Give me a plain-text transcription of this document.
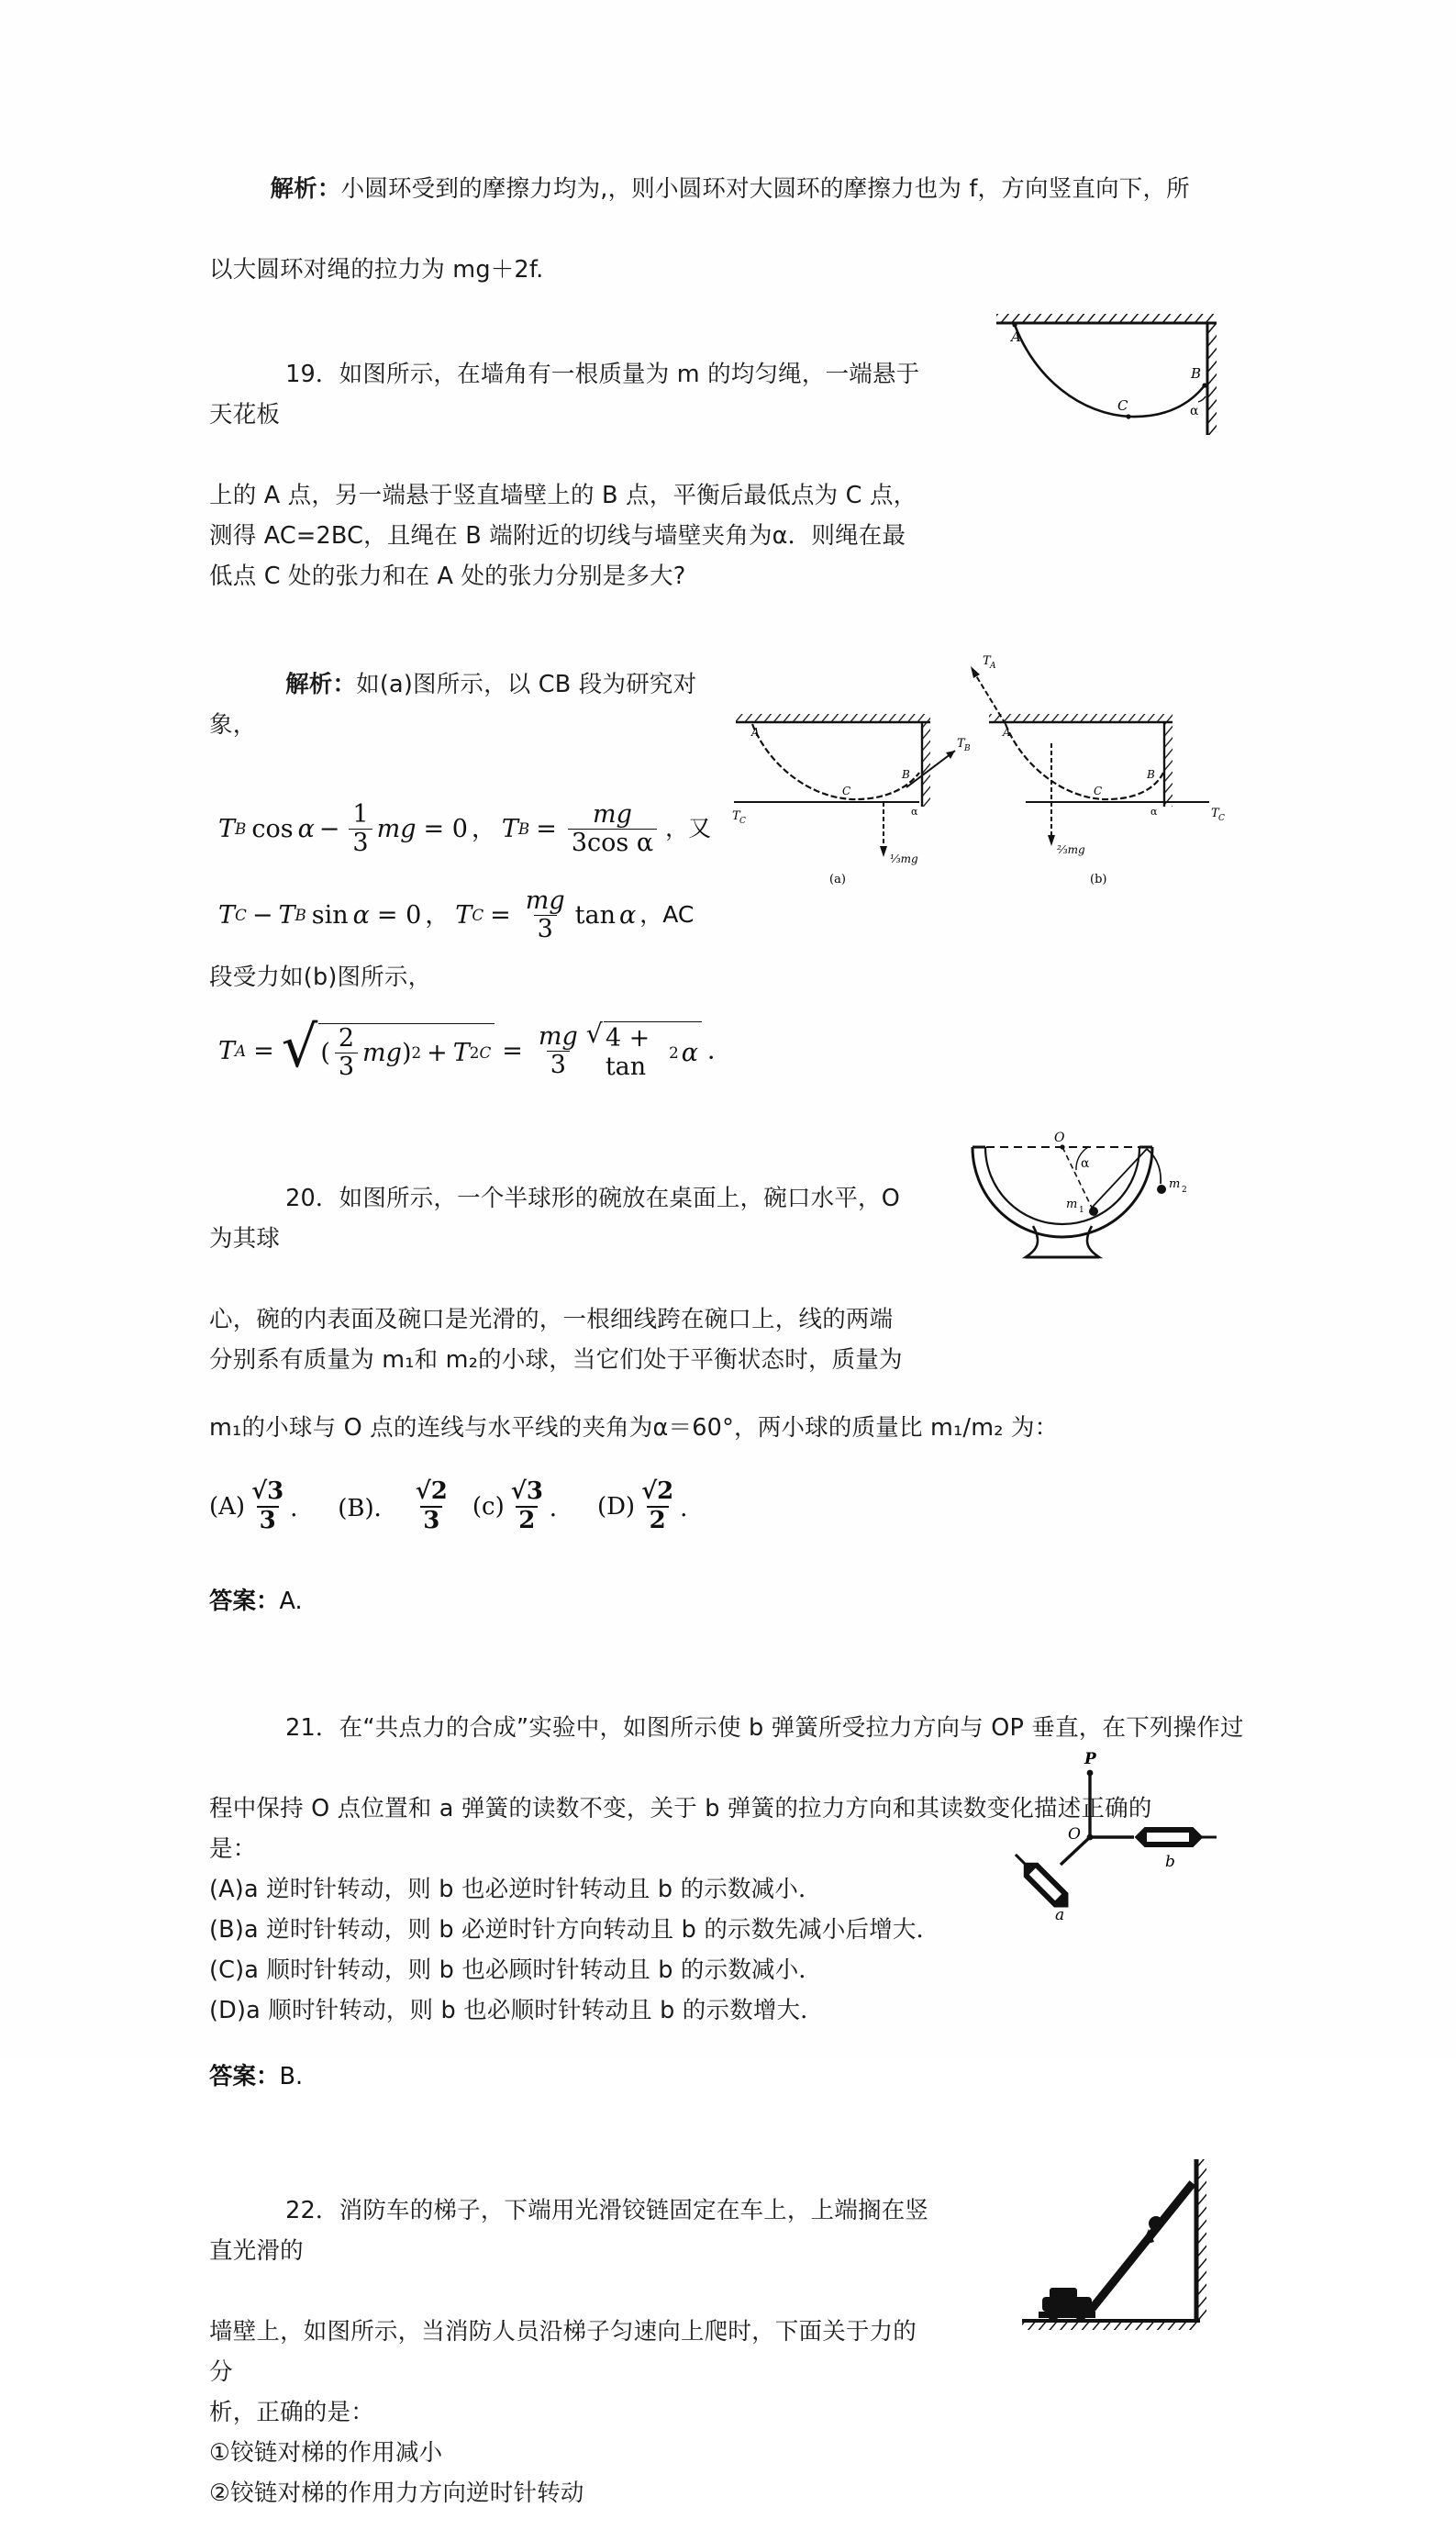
解析：小圆环受到的摩擦力均为,，则小圆环对大圆环的摩擦力也为 f，方向竖直向下，所

以大圆环对绳的拉力为 mg＋2f.

19．如图所示，在墙角有一根质量为 m 的均匀绳，一端悬于天花板

上的 A 点，另一端悬于竖直墙壁上的 B 点，平衡后最低点为 C 点，
测得 AC=2BC，且绳在 B 端附近的切线与墙壁夹角为α．则绳在最
低点 C 处的张力和在 A 处的张力分别是多大?
A
B
C	α

解析：如(a)图所示，以 CB 段为研究对象，

T B $\cos \alpha - \frac{1}{3}$ mg = 0 ， T $B = \frac{mg}{\text{3cos α}}$ ，又

T C − T B sin α = 0 ， T $C = \frac{mg}{3}$ tan α ，AC
段受力如(b)图所示，
T A = √ ( $\frac{2}{3}$ mg ) 2 + T 2 $C = \frac{mg}{3}$ √ 4 + tan
2 α ．
B
C
A
T B
T C
α
⅓mg
(a)
T A
A
B
C
α	T C
⅔mg
(b)

20．如图所示，一个半球形的碗放在桌面上，碗口水平，O为其球

心，碗的内表面及碗口是光滑的，一根细线跨在碗口上，线的两端
分别系有质量为 m₁和 m₂的小球，当它们处于平衡状态时，质量为
O
α
m 1
m 2
m₁的小球与 O 点的连线与水平线的夹角为α＝60°，两小球的质量比 m₁/m₂ 为：
$(A) \frac{√3}{3}$ ． (B)． $\frac{√2}{3} (c) \frac{√3}{2}$ ． $(D) \frac{√2}{2}$ ．
答案：A.

21．在“共点力的合成”实验中，如图所示使 b 弹簧所受拉力方向与 OP 垂直，在下列操作过

程中保持 O 点位置和 a 弹簧的读数不变，关于 b 弹簧的拉力方向和其读数变化描述正确的
是：
(A)a 逆时针转动，则 b 也必逆时针转动且 b 的示数减小．
(B)a 逆时针转动，则 b 必逆时针方向转动且 b 的示数先减小后增大．
(C)a 顺时针转动，则 b 也必顾时针转动且 b 的示数减小．
(D)a 顺时针转动，则 b 也必顺时针转动且 b 的示数增大．
P
O
b
a
答案：B.

22．消防车的梯子，下端用光滑铰链固定在车上，上端搁在竖直光滑的

墙壁上，如图所示，当消防人员沿梯子匀速向上爬时，下面关于力的分
析，正确的是：
①铰链对梯的作用减小
②铰链对梯的作用力方向逆时针转动
